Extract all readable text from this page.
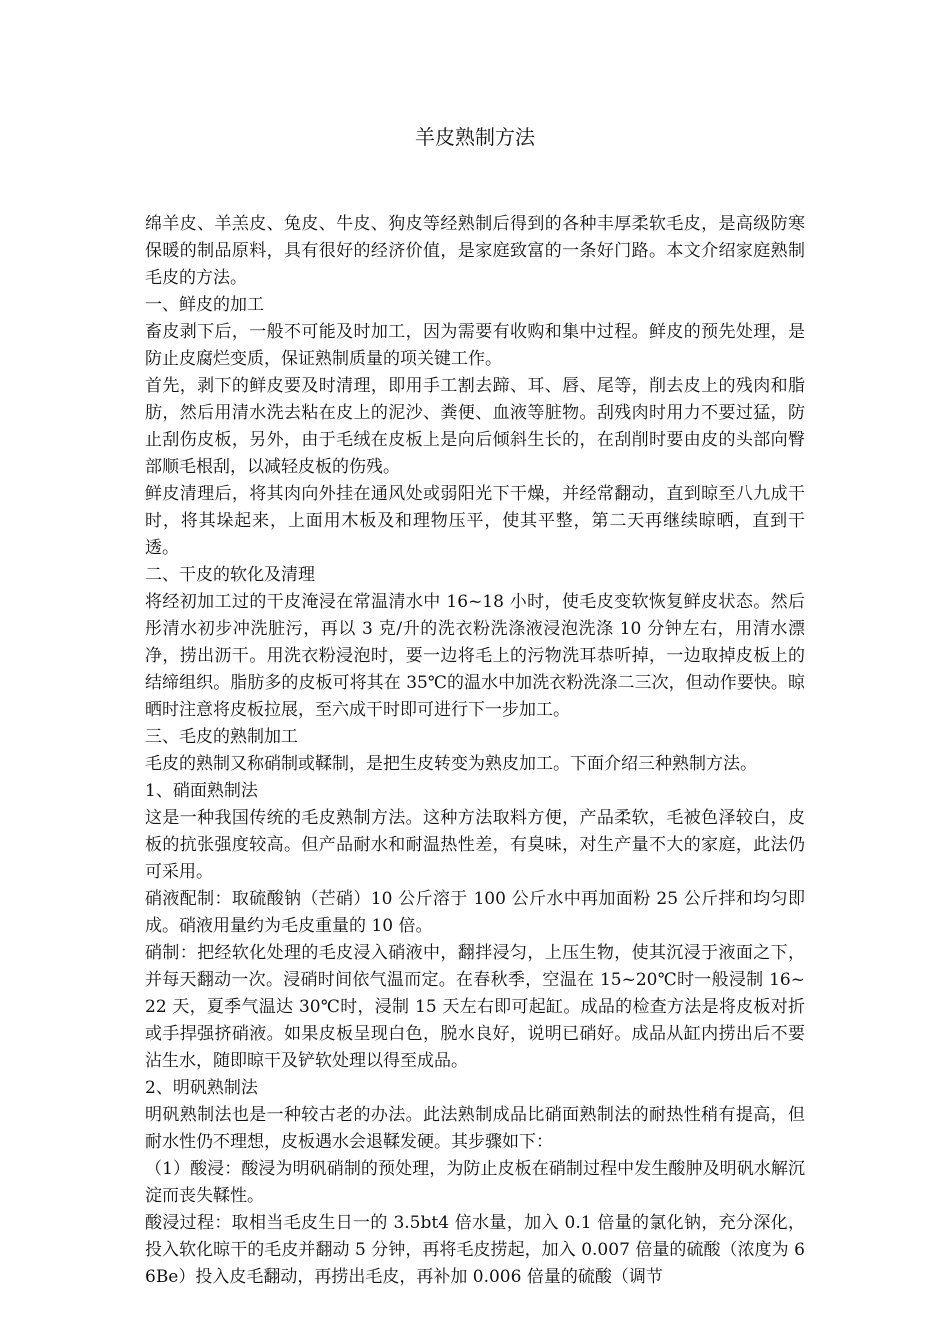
羊皮熟制方法

绵羊皮、羊羔皮、兔皮、牛皮、狗皮等经熟制后得到的各种丰厚柔软毛皮，是高级防寒保暖的制品原料，具有很好的经济价值，是家庭致富的一条好门路。本文介绍家庭熟制毛皮的方法。

一、鲜皮的加工

畜皮剥下后，一般不可能及时加工，因为需要有收购和集中过程。鲜皮的预先处理，是防止皮腐烂变质，保证熟制质量的项关键工作。

首先，剥下的鲜皮要及时清理，即用手工割去蹄、耳、唇、尾等，削去皮上的残肉和脂肪，然后用清水洗去粘在皮上的泥沙、粪便、血液等脏物。刮残肉时用力不要过猛，防止刮伤皮板，另外，由于毛绒在皮板上是向后倾斜生长的，在刮削时要由皮的头部向臀部顺毛根刮，以减轻皮板的伤残。

鲜皮清理后，将其肉向外挂在通风处或弱阳光下干燥，并经常翻动，直到晾至八九成干时，将其垛起来，上面用木板及和理物压平，使其平整，第二天再继续晾晒，直到干透。

二、干皮的软化及清理

将经初加工过的干皮淹浸在常温清水中 16~18 小时，使毛皮变软恢复鲜皮状态。然后彤清水初步冲洗脏污，再以 3 克/升的洗衣粉洗涤液浸泡洗涤 10 分钟左右，用清水漂净，捞出沥干。用洗衣粉浸泡时，要一边将毛上的污物洗耳恭听掉，一边取掉皮板上的结缔组织。脂肪多的皮板可将其在 35℃的温水中加洗衣粉洗涤二三次，但动作要快。晾晒时注意将皮板拉展，至六成干时即可进行下一步加工。

三、毛皮的熟制加工

毛皮的熟制又称硝制或鞣制，是把生皮转变为熟皮加工。下面介绍三种熟制方法。

1、硝面熟制法

这是一种我国传统的毛皮熟制方法。这种方法取料方便，产品柔软，毛被色泽较白，皮板的抗张强度较高。但产品耐水和耐温热性差，有臭味，对生产量不大的家庭，此法仍可采用。

硝液配制：取硫酸钠（芒硝）10 公斤溶于 100 公斤水中再加面粉 25 公斤拌和均匀即成。硝液用量约为毛皮重量的 10 倍。

硝制：把经软化处理的毛皮浸入硝液中，翻拌浸匀，上压生物，使其沉浸于液面之下，并每天翻动一次。浸硝时间依气温而定。在春秋季，空温在 15~20℃时一般浸制 16~22 天，夏季气温达 30℃时，浸制 15 天左右即可起缸。成品的检查方法是将皮板对折或手捍强挤硝液。如果皮板呈现白色，脱水良好，说明已硝好。成品从缸内捞出后不要沾生水，随即晾干及铲软处理以得至成品。

2、明矾熟制法

明矾熟制法也是一种较古老的办法。此法熟制成品比硝面熟制法的耐热性稍有提高，但耐水性仍不理想，皮板遇水会退鞣发硬。其步骤如下：

（1）酸浸：酸浸为明矾硝制的预处理，为防止皮板在硝制过程中发生酸肿及明矾水解沉淀而丧失鞣性。

酸浸过程：取相当毛皮生日一的 3.5bt4 倍水量，加入 0.1 倍量的氯化钠，充分深化，投入软化晾干的毛皮并翻动 5 分钟，再将毛皮捞起，加入 0.007 倍量的硫酸（浓度为 66Be）投入皮毛翻动，再捞出毛皮，再补加 0.006 倍量的硫酸（调节
